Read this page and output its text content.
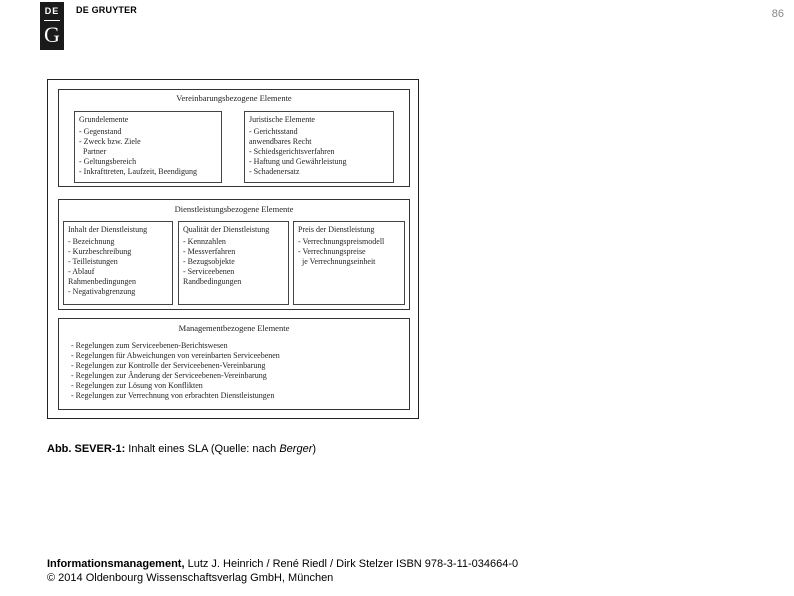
DE
G
DE GRUYTER	86
Vereinbarungsbezogene Elemente
Grundelemente
- Gegenstand
- Zweck bzw. Ziele
Partner
- Geltungsbereich
- Inkrafttreten, Laufzeit, Beendigung
Juristische Elemente
- Gerichtsstand
anwendbares Recht
- Schiedsgerichtsverfahren
- Haftung und Gewährleistung
- Schadenersatz
Dienstleistungsbezogene Elemente
Inhalt der Dienstleistung
- Bezeichnung
- Kurzbeschreibung
- Teilleistungen
- Ablauf
Rahmenbedingungen
- Negativabgrenzung
Qualität der Dienstleistung
- Kennzahlen
- Messverfahren
- Bezugsobjekte
- Serviceebenen
Randbedingungen
Preis der Dienstleistung
- Verrechnungspreismodell
- Verrechnungspreise
je Verrechnungseinheit
Managementbezogene Elemente
- Regelungen zum Serviceebenen-Berichtswesen
- Regelungen für Abweichungen von vereinbarten Serviceebenen
- Regelungen zur Kontrolle der Serviceebenen-Vereinbarung
- Regelungen zur Änderung der Serviceebenen-Vereinbarung
- Regelungen zur Lösung von Konflikten
- Regelungen zur Verrechnung von erbrachten Dienstleistungen
Abb. SEVER-1: Inhalt eines SLA (Quelle: nach Berger)
Informationsmanagement, Lutz J. Heinrich / René Riedl / Dirk Stelzer ISBN 978-3-11-034664-0
© 2014 Oldenbourg Wissenschaftsverlag GmbH, München
